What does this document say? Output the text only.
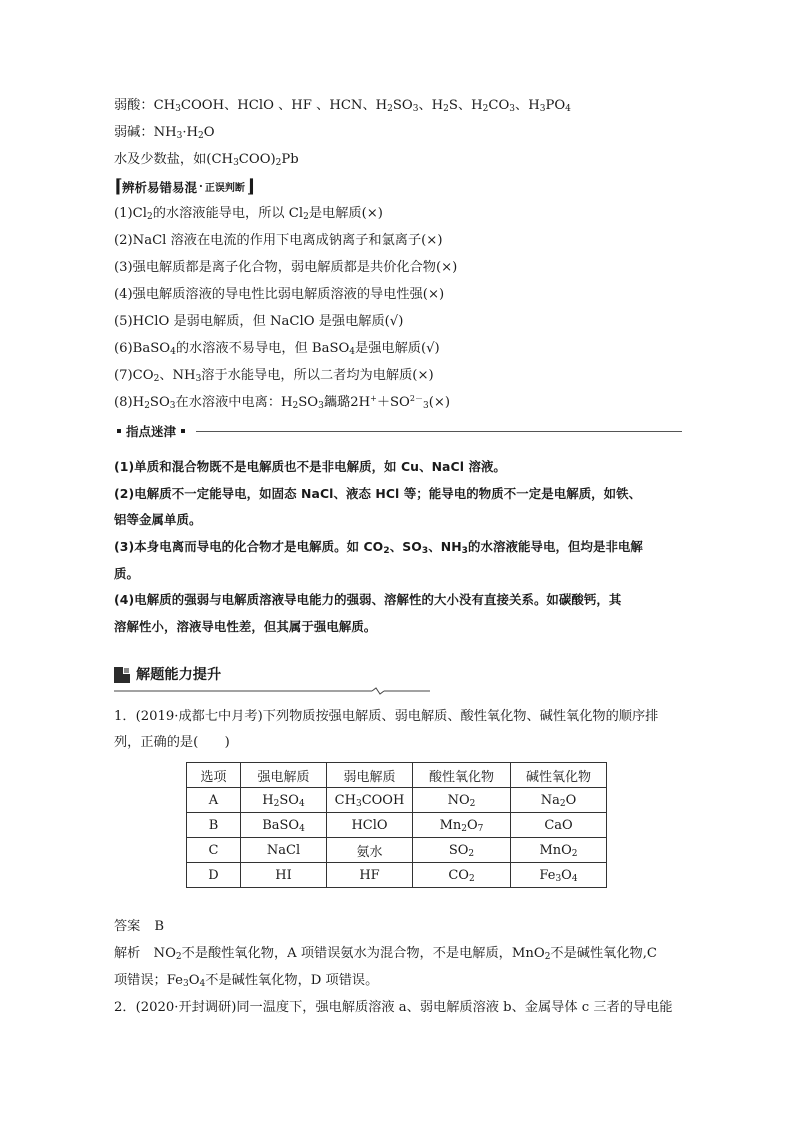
弱酸：$CH_3COOH$、HClO 、HF 、HCN、$H_2SO_3$、$H_2S$、$H_2CO_3$、$H_3PO_4$
弱碱：$NH_3\cdot H_2O$
水及少数盐，如$(CH_3COO)_2Pb$
⌈ 辨析易错易混 · 正误判断 ⌋
$(1)Cl_2$的水溶液能导电，所以 $Cl_2$是电解质(×)
(2)NaCl 溶液在电流的作用下电离成钠离子和氯离子(×)
(3)强电解质都是离子化合物，弱电解质都是共价化合物(×)
(4)强电解质溶液的导电性比弱电解质溶液的导电性强(×)
(5)HClO 是弱电解质，但 NaClO 是强电解质(√)
(6)BaSO$_4$的水溶液不易导电，但 BaSO$_4$是强电解质(√)
$(7)CO_2$、$NH_3$溶于水能导电，所以二者均为电解质(×)
$(8)H_2SO_3$在水溶液中电离：$H_2SO_3$鑴璐$2H^++SO^{2-}_3(\times)$
指点迷津
(1)单质和混合物既不是电解质也不是非电解质，如 Cu、NaCl 溶液。
(2)电解质不一定能导电，如固态 NaCl、液态 HCl 等；能导电的物质不一定是电解质，如铁、
铝等金属单质。
(3)本身电离而导电的化合物才是电解质。如 $CO_2$、$SO_3$、$NH_3$的水溶液能导电，但均是非电解
质。
(4)电解质的强弱与电解质溶液导电能力的强弱、溶解性的大小没有直接关系。如碳酸钙，其
溶解性小，溶液导电性差，但其属于强电解质。
解题能力提升
1．(2019·成都七中月考)下列物质按强电解质、弱电解质、酸性氧化物、碱性氧化物的顺序排
列，正确的是(　　)
选项	强电解质	弱电解质	酸性氧化物	碱性氧化物
A	$H_2SO_4$	$CH_3COOH$	$NO_2$	$Na_2O$
B	BaSO$_4$	HClO	$Mn_2O_7$	CaO
C	NaCl	氨水	$SO_2$	MnO$_2$
D	HI	HF	$CO_2$	$Fe_3O_4$
答案 B
解析　$NO_2$不是酸性氧化物，A 项错误氨水为混合物，不是电解质，MnO$_2$不是碱性氧化物,C
项错误；$Fe_3O_4$不是碱性氧化物，D 项错误。
2．(2020·开封调研)同一温度下，强电解质溶液 a、弱电解质溶液 b、金属导体 c 三者的导电能
